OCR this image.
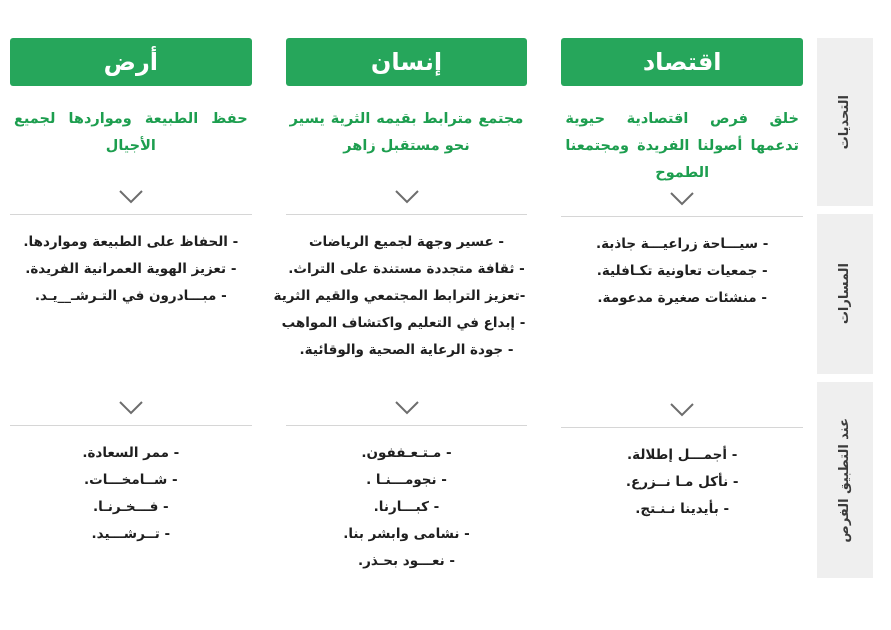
التحديات
المسارات
عند التطبيق الفرص
اقتصاد
خلق فرص اقتصادية حيوية تدعمها أصولنا الفريدة ومجتمعنا الطموح
- سيـــاحة زراعيـــة جاذبة.
- جمعيات تعاونية تكـافلية.
- منشئات صغيرة مدعومة.
- أجمـــل إطلالة.
- نأكل مـا نــزرع.
- بأيدينا نـنـتج.
إنسان
مجتمع مترابط بقيمه الثرية يسير نحو مستقبل زاهر
- عسير وجهة لجميع الرياضات
- ثقافة متجددة مستندة على التراث.
-تعزيز الترابط المجتمعي والقيم الثرية
- إبداع في التعليم واكتشاف المواهب
- جودة الرعاية الصحية والوقائية.
- مـتـعـففون.
- نجومـــنـا .
- كبـــارنا.
- نشامى وابشر بنا.
- نعـــود بحـذر.
أرض
حفظ الطبيعة ومواردها لجميع الأجيال
- الحفاظ على الطبيعة ومواردها.
- تعزيز الهوية العمرانية الفريدة.
- مبـــادرون في التـرشـ__يـد.
- ممر السعادة.
- شــامخـــات.
- فـــخـرنـا.
- تــرشـــيد.
